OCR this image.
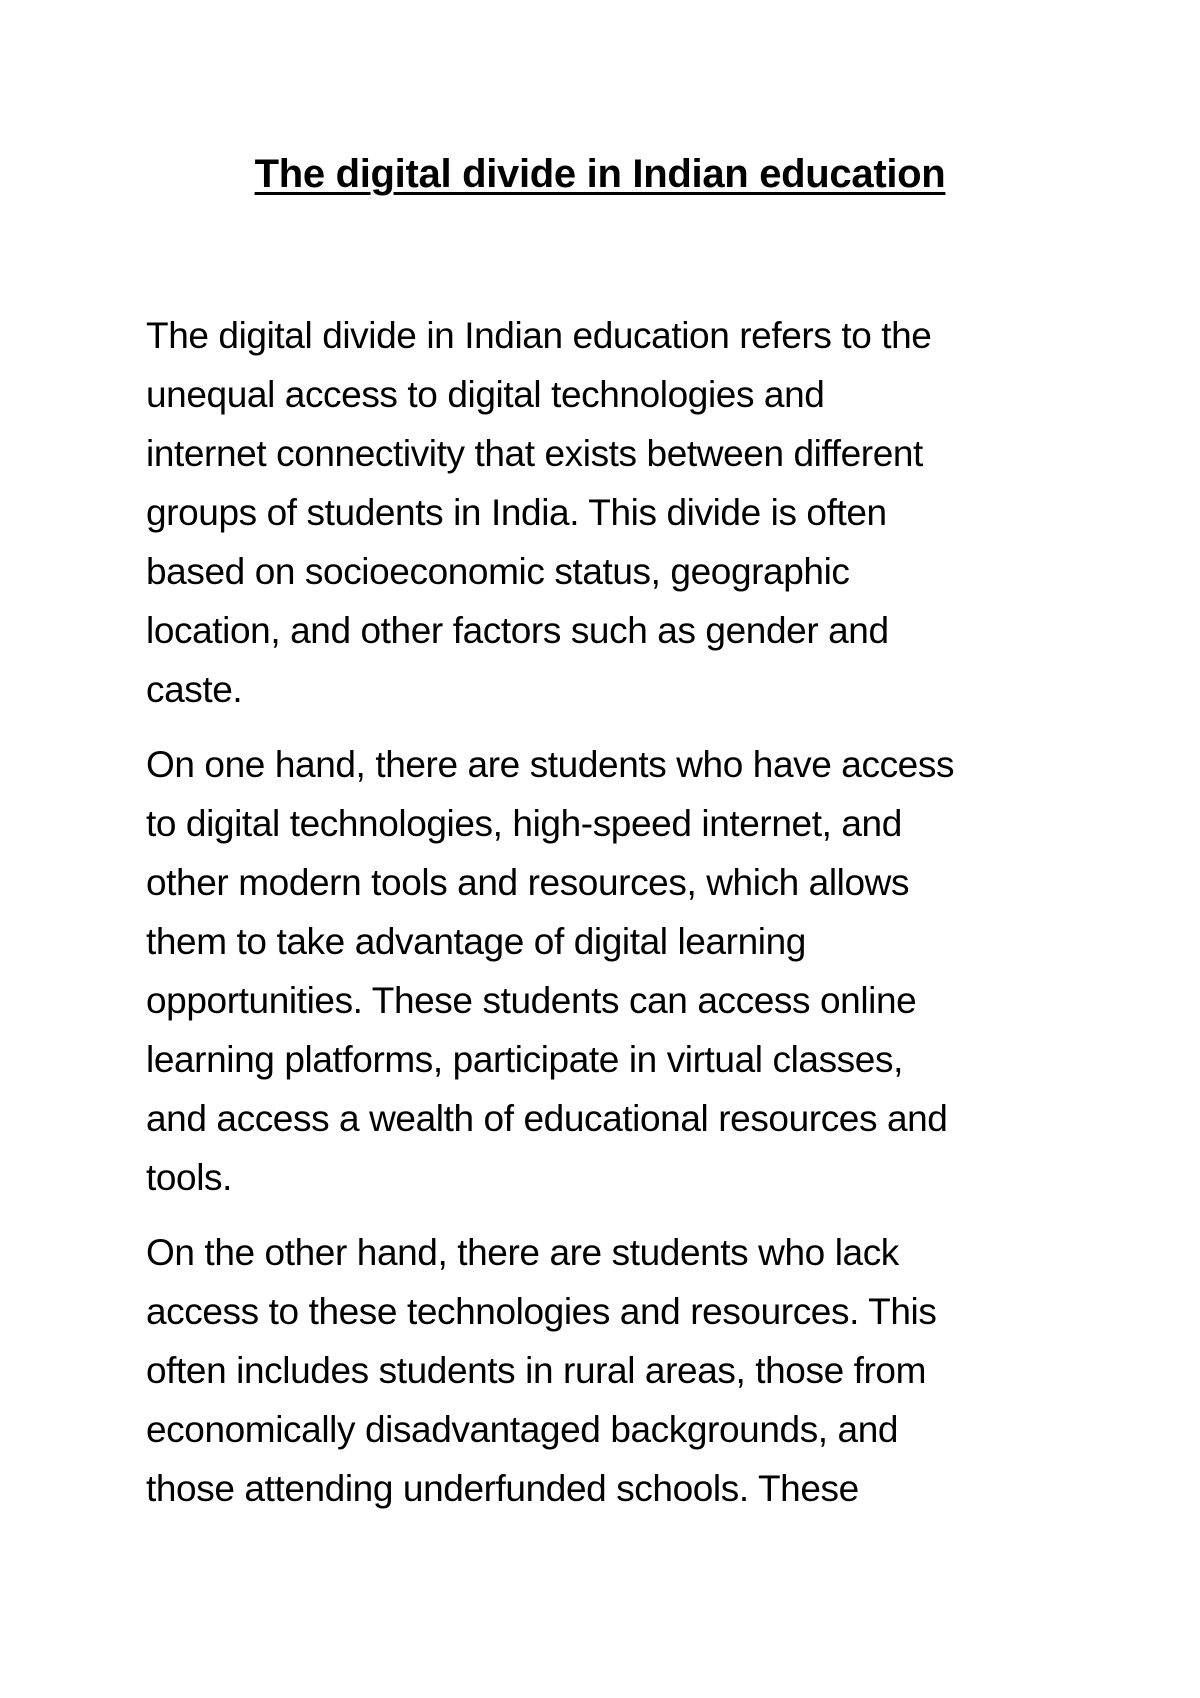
The digital divide in Indian education

The digital divide in Indian education refers to the
unequal access to digital technologies and
internet connectivity that exists between different
groups of students in India. This divide is often
based on socioeconomic status, geographic
location, and other factors such as gender and
caste.

On one hand, there are students who have access
to digital technologies, high-speed internet, and
other modern tools and resources, which allows
them to take advantage of digital learning
opportunities. These students can access online
learning platforms, participate in virtual classes,
and access a wealth of educational resources and
tools.

On the other hand, there are students who lack
access to these technologies and resources. This
often includes students in rural areas, those from
economically disadvantaged backgrounds, and
those attending underfunded schools. These
